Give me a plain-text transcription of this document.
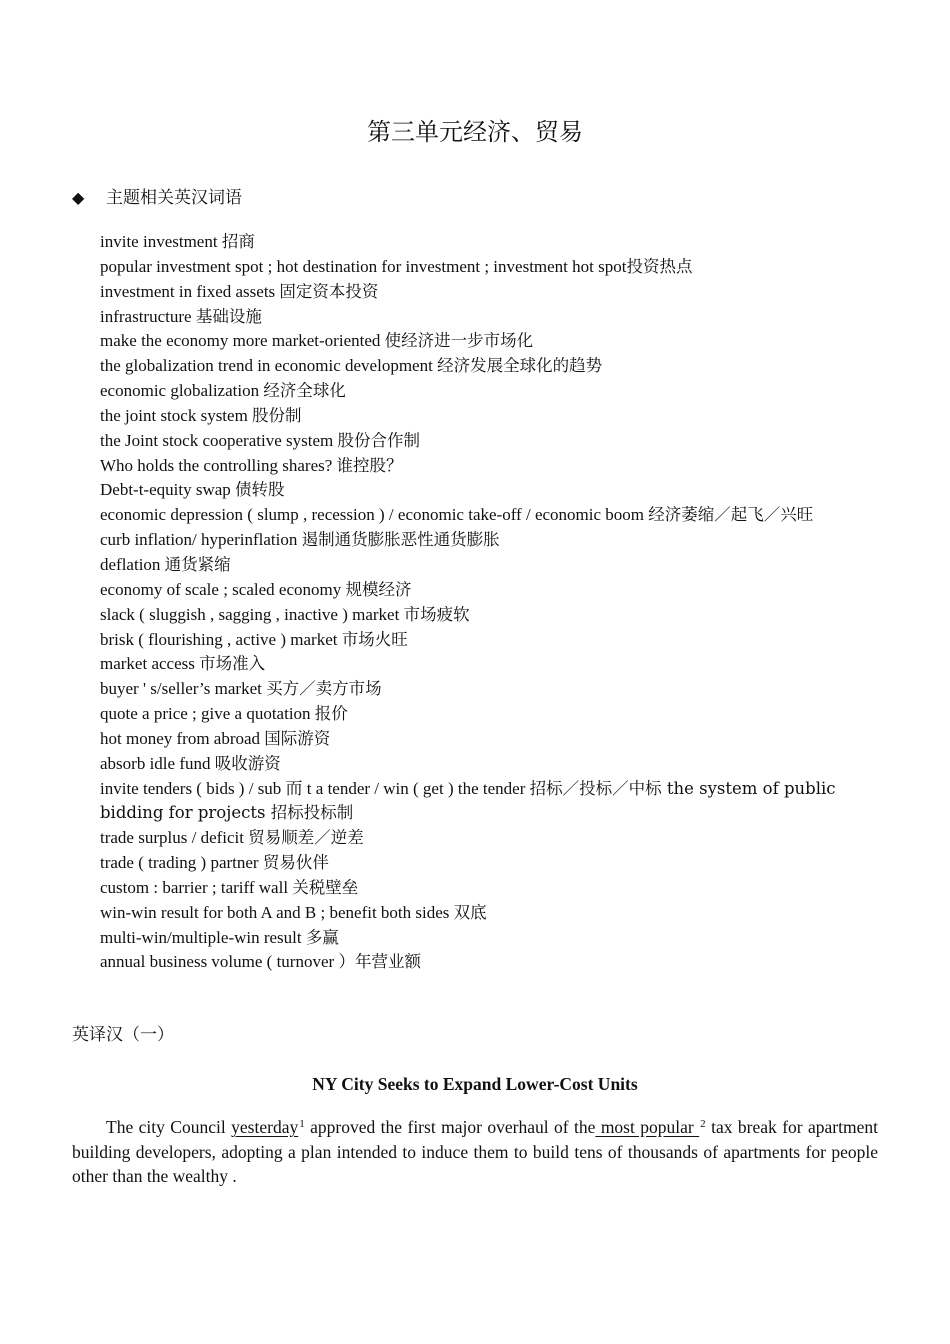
第三单元经济、贸易
◆	主题相关英汉词语
invite investment 招商
popular investment spot ; hot destination for investment ; investment hot spot投资热点
investment in fixed assets 固定资本投资
infrastructure 基础设施
make the economy more market-oriented 使经济进一步市场化
the globalization trend in economic development 经济发展全球化的趋势
economic globalization 经济全球化
the joint stock system 股份制
the Joint stock cooperative system 股份合作制
Who holds the controlling shares? 谁控股？
Debt-t-equity swap 债转股
economic depression ( slump , recession ) / economic take-off / economic boom 经济萎缩／起飞／兴旺
curb inflation/ hyperinflation 遏制通货膨胀恶性通货膨胀
deflation 通货紧缩
economy of scale ; scaled economy 规模经济
slack ( sluggish , sagging , inactive ) market 市场疲软
brisk ( flourishing , active ) market 市场火旺
market access 市场准入
buyer ' s/seller’s market 买方／卖方市场
quote a price ; give a quotation 报价
hot money from abroad 国际游资
absorb idle fund 吸收游资
invite tenders ( bids ) / sub 而 t a tender / win ( get ) the tender 招标／投标／中标 the system of public bidding for projects 招标投标制
trade surplus / deficit 贸易顺差／逆差
trade ( trading ) partner 贸易伙伴
custom : barrier ; tariff wall 关税壁垒
win-win result for both A and B ; benefit both sides 双底
multi-win/multiple-win result 多赢
annual business volume ( turnover ）年营业额
英译汉（一）
NY City Seeks to Expand Lower-Cost Units

The city Council yesterday$^1$ approved the first major overhaul of the most popular $^2$ tax break for apartment building developers, adopting a plan intended to induce them to build tens of thousands of apartments for people other than the wealthy .
